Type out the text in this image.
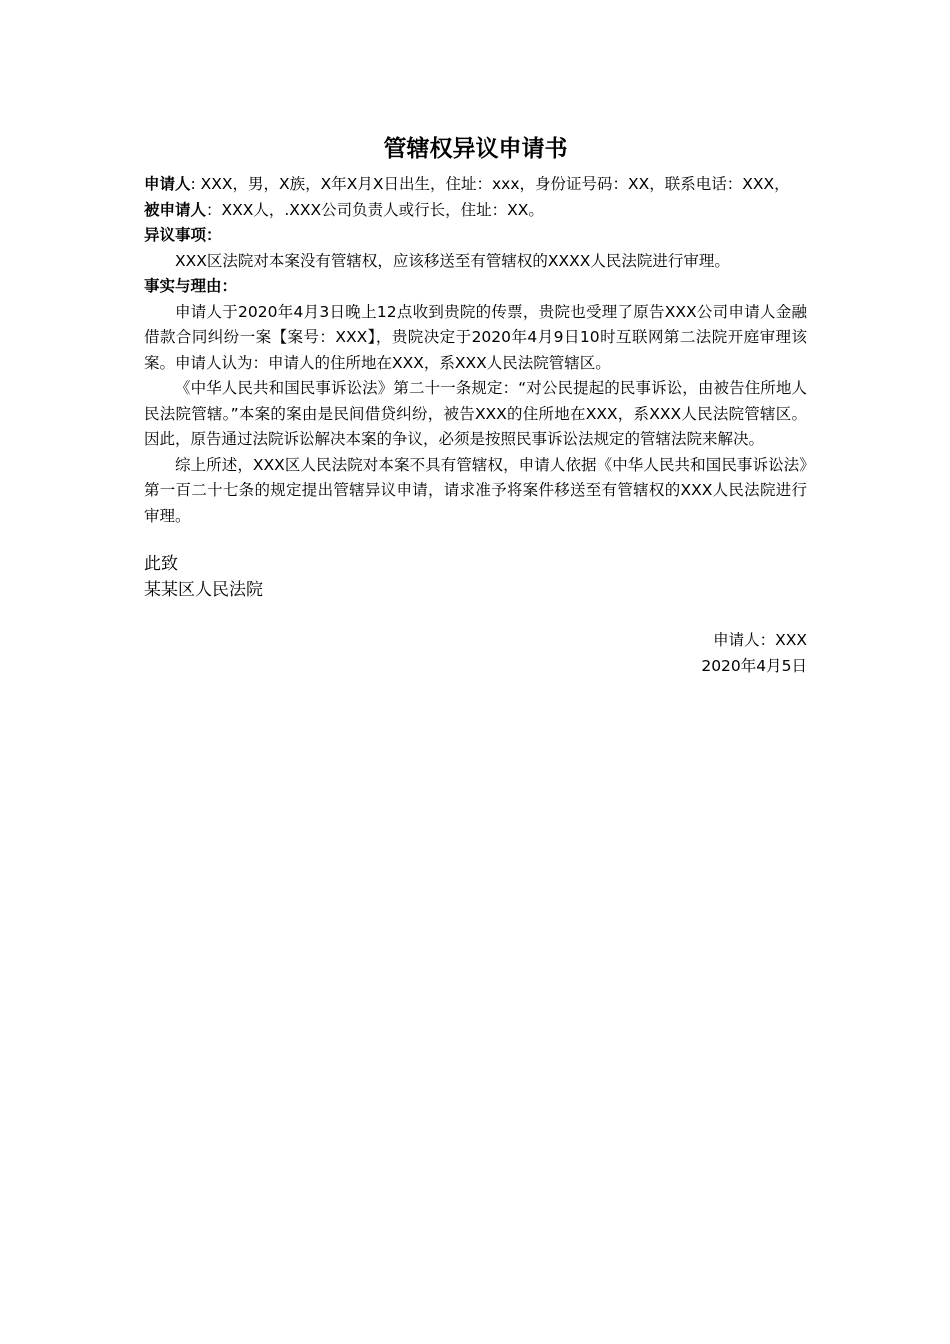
管辖权异议申请书

申请人: XXX，男，X族，X年X月X日出生，住址：xxx，身份证号码：XX，联系电话：XXX，

被申请人：XXX人，.XXX公司负责人或行长，住址：XX。

异议事项：

XXX区法院对本案没有管辖权，应该移送至有管辖权的XXXX人民法院进行审理。

事实与理由：

申请人于2020年4月3日晚上12点收到贵院的传票，贵院也受理了原告XXX公司申请人金融借款合同纠纷一案【案号：XXX】，贵院决定于2020年4月9日10时互联网第二法院开庭审理该案。申请人认为：申请人的住所地在XXX，系XXX人民法院管辖区。

《中华人民共和国民事诉讼法》第二十一条规定：“对公民提起的民事诉讼，由被告住所地人民法院管辖。”本案的案由是民间借贷纠纷，被告XXX的住所地在XXX，系XXX人民法院管辖区。因此，原告通过法院诉讼解决本案的争议，必须是按照民事诉讼法规定的管辖法院来解决。

综上所述，XXX区人民法院对本案不具有管辖权，申请人依据《中华人民共和国民事诉讼法》第一百二十七条的规定提出管辖异议申请，请求准予将案件移送至有管辖权的XXX人民法院进行审理。

此致

某某区人民法院

申请人：XXX

2020年4月5日
